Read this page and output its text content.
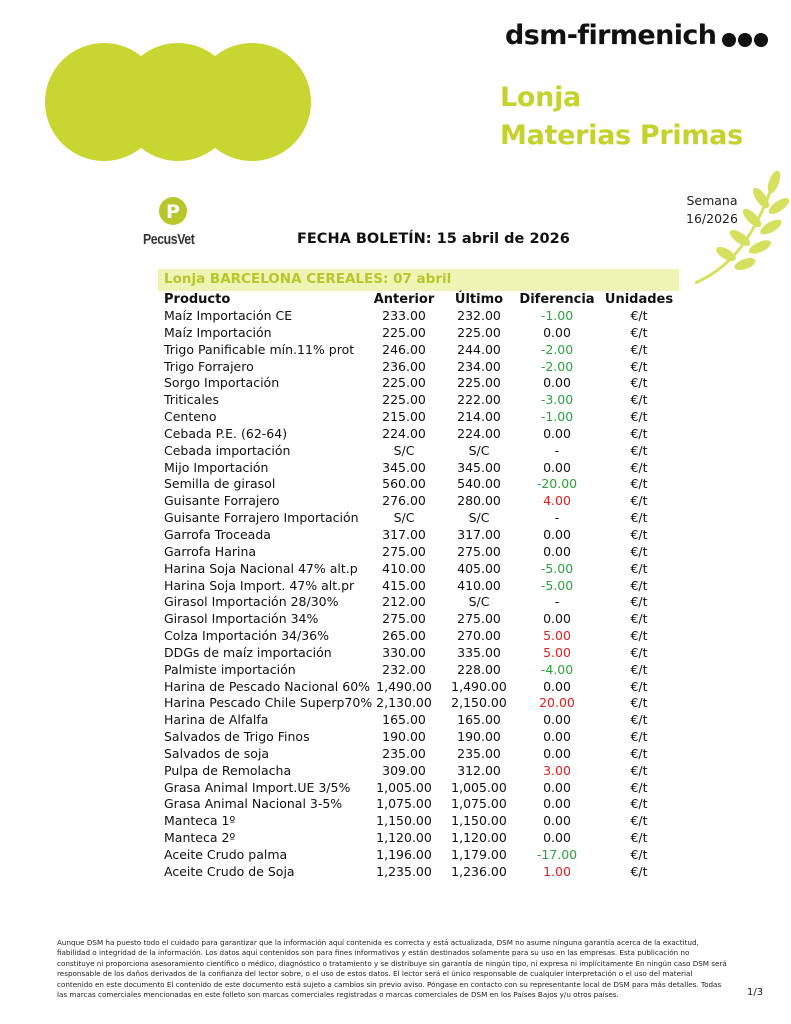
dsm-firmenich
Lonja
Materias Primas
Semana
16/2026
P
PecusVet	FECHA BOLETÍN: 15 abril de 2026
Lonja BARCELONA CEREALES: 07 abril
Producto	Anterior	Último	Diferencia Unidades
Maíz Importación CE	233.00	232.00	-1.00	€/t
Maíz Importación	225.00	225.00	0.00	€/t
Trigo Panificable mín.11% prot	246.00	244.00	-2.00	€/t
Trigo Forrajero	236.00	234.00	-2.00	€/t
Sorgo Importación	225.00	225.00	0.00	€/t
Triticales	225.00	222.00	-3.00	€/t
Centeno	215.00	214.00	-1.00	€/t
Cebada P.E. (62-64)	224.00	224.00	0.00	€/t
Cebada importación	S/C	S/C	-	€/t
Mijo Importación	345.00	345.00	0.00	€/t
Semilla de girasol	560.00	540.00	-20.00	€/t
Guisante Forrajero	276.00	280.00	4.00	€/t
Guisante Forrajero Importación	S/C	S/C	-	€/t
Garrofa Troceada	317.00	317.00	0.00	€/t
Garrofa Harina	275.00	275.00	0.00	€/t
Harina Soja Nacional 47% alt.p	410.00	405.00	-5.00	€/t
Harina Soja Import. 47% alt.pr	415.00	410.00	-5.00	€/t
Girasol Importación 28/30%	212.00	S/C	-	€/t
Girasol Importación 34%	275.00	275.00	0.00	€/t
Colza Importación 34/36%	265.00	270.00	5.00	€/t
DDGs de maíz importación	330.00	335.00	5.00	€/t
Palmiste importación	232.00	228.00	-4.00	€/t
Harina de Pescado Nacional 60% 1,490.00	1,490.00	0.00	€/t
Harina Pescado Chile Superp70% 2,130.00	2,150.00	20.00	€/t
Harina de Alfalfa	165.00	165.00	0.00	€/t
Salvados de Trigo Finos	190.00	190.00	0.00	€/t
Salvados de soja	235.00	235.00	0.00	€/t
Pulpa de Remolacha	309.00	312.00	3.00	€/t
Grasa Animal Import.UE 3/5%	1,005.00	1,005.00	0.00	€/t
Grasa Animal Nacional 3-5%	1,075.00	1,075.00	0.00	€/t
Manteca 1º	1,150.00	1,150.00	0.00	€/t
Manteca 2º	1,120.00	1,120.00	0.00	€/t
Aceite Crudo palma	1,196.00	1,179.00	-17.00	€/t
Aceite Crudo de Soja	1,235.00	1,236.00	1.00	€/t
Aunque DSM ha puesto todo el cuidado para garantizar que la información aquí contenida es correcta y está actualizada, DSM no asume ninguna garantía acerca de la exactitud, fiabilidad o integridad de la información. Los datos aquí contenidos son para fines informativos y están destinados solamente para su uso en las empresas. Esta publicación no constituye ni proporciona asesoramiento científico o médico, diagnóstico o tratamiento y se distribuye sin garantía de ningún tipo, ni expresa ni implícitamente En ningún caso DSM será responsable de los daños derivados de la confianza del lector sobre, o el uso de estos datos. El lector será el único responsable de cualquier interpretación o el uso del material contenido en este documento El contenido de este documento está sujeto a cambios sin previo aviso. Póngase en contacto con su representante local de DSM para más detalles. Todas las marcas comerciales mencionadas en este folleto son marcas comerciales registradas o marcas comerciales de DSM en los Países Bajos y/u otros países.	1/3
